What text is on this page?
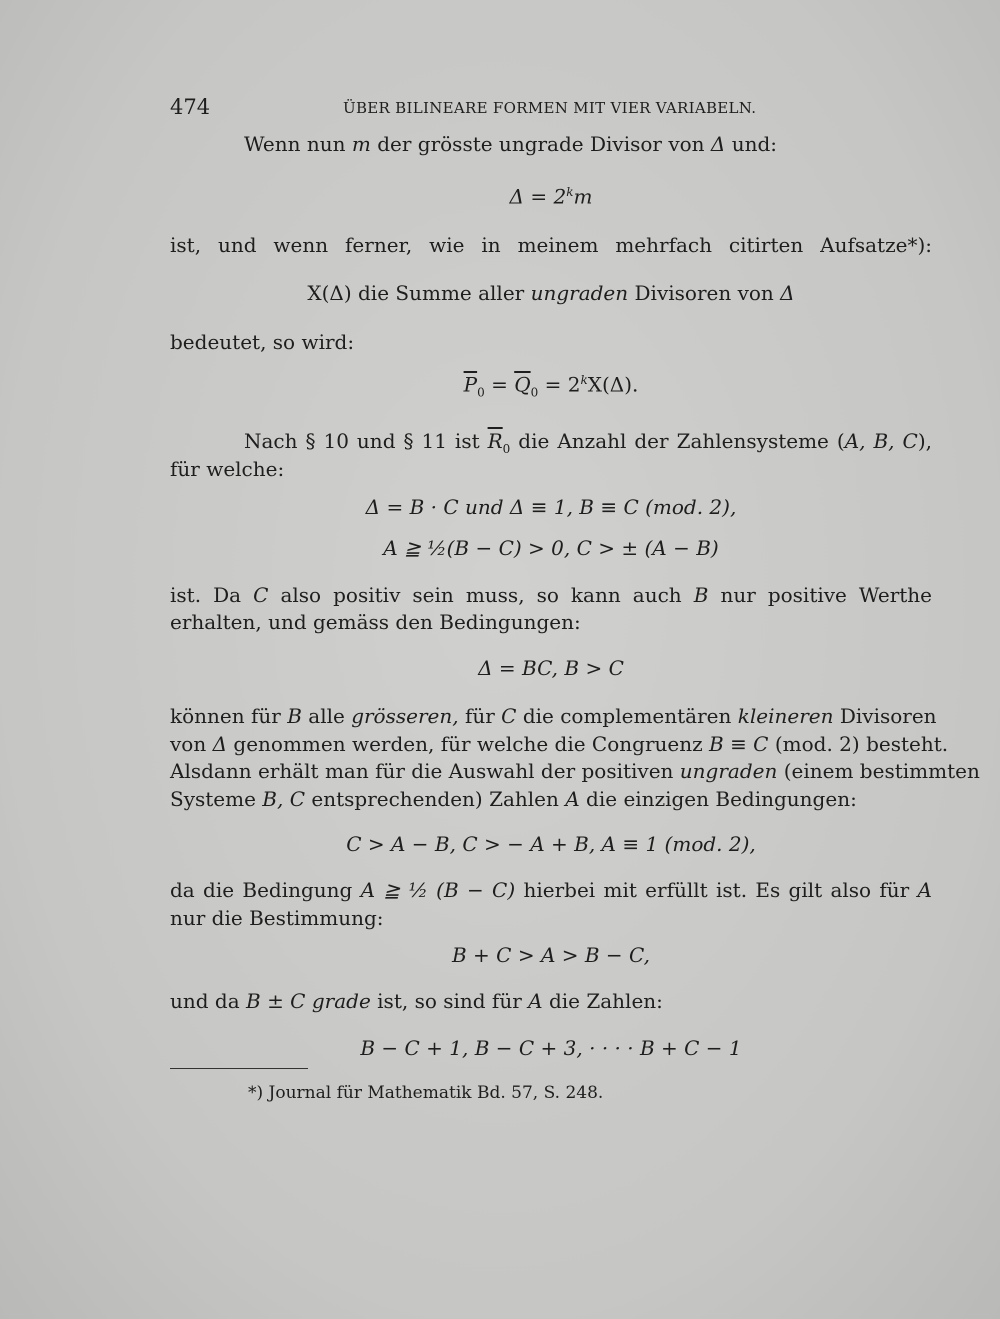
474	ÜBER BILINEARE FORMEN MIT VIER VARIABELN.
Wenn nun m der grösste ungrade Divisor von Δ und:
$\Delta = 2^km$
ist, und wenn ferner, wie in meinem mehrfach citirten Aufsatze*):
X(Δ) die Summe aller ungraden Divisoren von Δ
bedeutet, so wird:
$\overline{P}_0 = \overline{Q}_0 = 2^kX(\Delta)$.
Nach § 10 und § 11 ist $\overline{R}_0$ die Anzahl der Zahlensysteme (A, B, C),
für welche:
Δ = B · C und Δ ≡ 1, B ≡ C (mod. 2),
A ≧ ½(B − C) > 0, C > ± (A − B)
ist. Da C also positiv sein muss, so kann auch B nur positive Werthe
erhalten, und gemäss den Bedingungen:
Δ = BC, B > C
können für B alle grösseren, für C die complementären kleineren Divisoren
von Δ genommen werden, für welche die Congruenz B ≡ C (mod. 2) besteht.
Alsdann erhält man für die Auswahl der positiven ungraden (einem bestimmten
Systeme B, C entsprechenden) Zahlen A die einzigen Bedingungen:
C > A − B, C > − A + B, A ≡ 1 (mod. 2),
da die Bedingung A ≧ ½ (B − C) hierbei mit erfüllt ist. Es gilt also für A
nur die Bestimmung:
B + C > A > B − C,
und da B ± C grade ist, so sind für A die Zahlen:
B − C + 1, B − C + 3, · · · · B + C − 1
*) Journal für Mathematik Bd. 57, S. 248.
